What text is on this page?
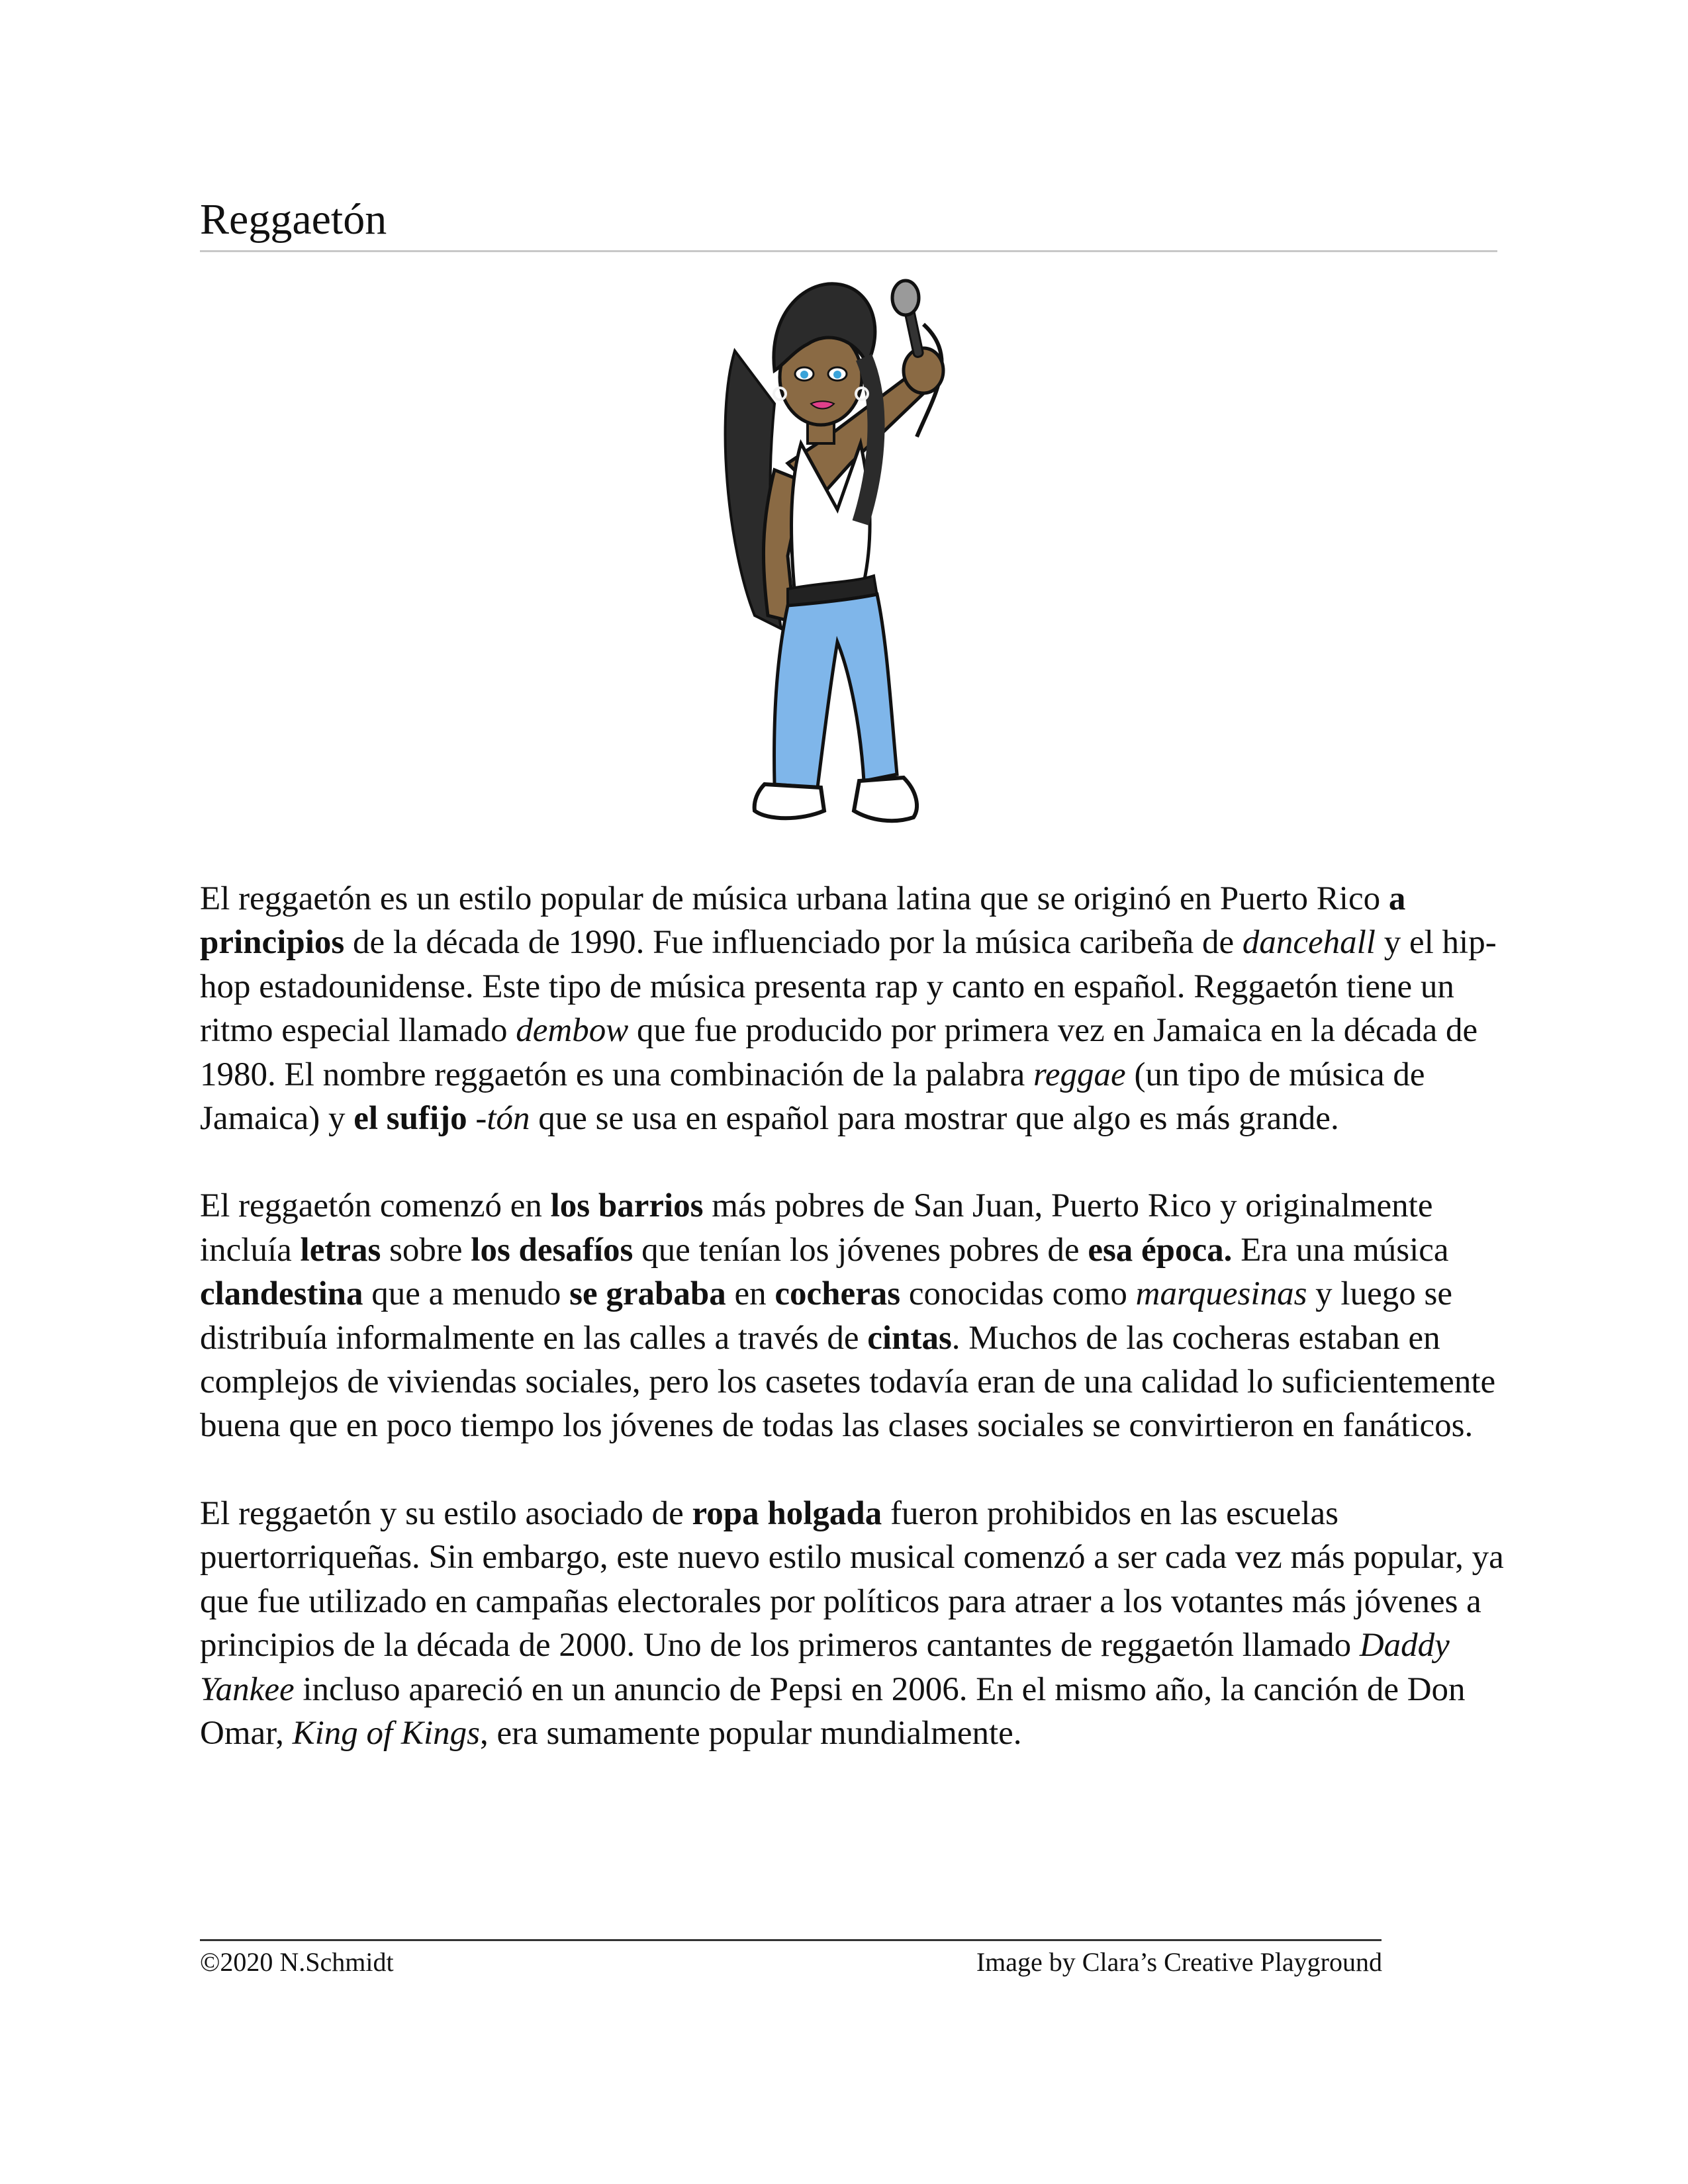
Reggaetón

El reggaetón es un estilo popular de música urbana latina que se originó en Puerto Rico a principios de la década de 1990. Fue influenciado por la música caribeña de dancehall y el hip-hop estadounidense. Este tipo de música presenta rap y canto en español. Reggaetón tiene un ritmo especial llamado dembow que fue producido por primera vez en Jamaica en la década de 1980. El nombre reggaetón es una combinación de la palabra reggae (un tipo de música de Jamaica) y el sufijo -tón que se usa en español para mostrar que algo es más grande.

El reggaetón comenzó en los barrios más pobres de San Juan, Puerto Rico y originalmente incluía letras sobre los desafíos que tenían los jóvenes pobres de esa época. Era una música clandestina que a menudo se grababa en cocheras conocidas como marquesinas y luego se distribuía informalmente en las calles a través de cintas. Muchos de las cocheras estaban en complejos de viviendas sociales, pero los casetes todavía eran de una calidad lo suficientemente buena que en poco tiempo los jóvenes de todas las clases sociales se convirtieron en fanáticos.

El reggaetón y su estilo asociado de ropa holgada fueron prohibidos en las escuelas puertorriqueñas. Sin embargo, este nuevo estilo musical comenzó a ser cada vez más popular, ya que fue utilizado en campañas electorales por políticos para atraer a los votantes más jóvenes a principios de la década de 2000. Uno de los primeros cantantes de reggaetón llamado Daddy Yankee incluso apareció en un anuncio de Pepsi en 2006. En el mismo año, la canción de Don Omar, King of Kings, era sumamente popular mundialmente.

©2020 N.Schmidt	Image by Clara’s Creative Playground
